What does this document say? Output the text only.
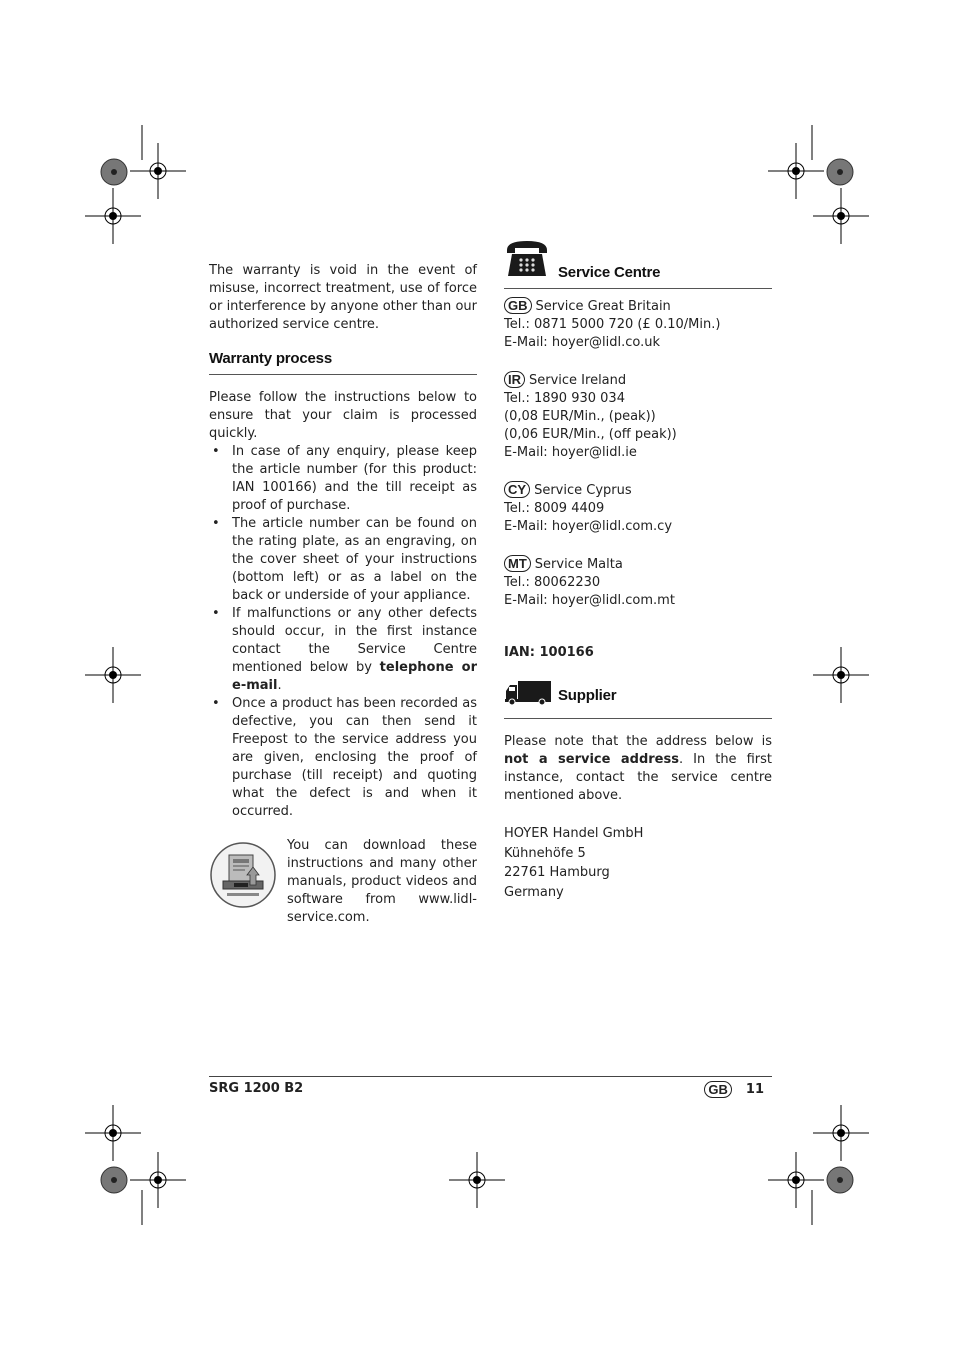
The warranty is void in the event of misuse, incorrect treatment, use of force or interference by anyone other than our authorized service centre.

Warranty process

Please follow the instructions below to ensure that your claim is processed quickly.

• In case of any enquiry, please keep the article number (for this product: IAN 100166) and the till receipt as proof of purchase.
• The article number can be found on the rating plate, as an engraving, on the cover sheet of your instructions (bottom left) or as a label on the back or underside of your appliance.
• If malfunctions or any other defects should occur, in the first instance contact the Service Centre mentioned below by telephone or e-mail.
• Once a product has been recorded as defective, you can then send it Freepost to the service address you are given, enclosing the proof of purchase (till receipt) and quoting what the defect is and when it occurred.
You can download these instructions and many other manuals, product videos and software from www.lidl-service.com.
Service Centre
GB Service Great Britain
Tel.: 0871 5000 720 (£ 0.10/Min.)
E-Mail: hoyer@lidl.co.uk
IR Service Ireland
Tel.: 1890 930 034
(0,08 EUR/Min., (peak))
(0,06 EUR/Min., (off peak))
E-Mail: hoyer@lidl.ie
CY Service Cyprus
Tel.: 8009 4409
E-Mail: hoyer@lidl.com.cy
MT Service Malta
Tel.: 80062230
E-Mail: hoyer@lidl.com.mt
IAN: 100166
Supplier

Please note that the address below is not a service address. In the first instance, contact the service centre mentioned above.

HOYER Handel GmbH
Kühnehöfe 5
22761 Hamburg
Germany
SRG 1200 B2	GB	11
